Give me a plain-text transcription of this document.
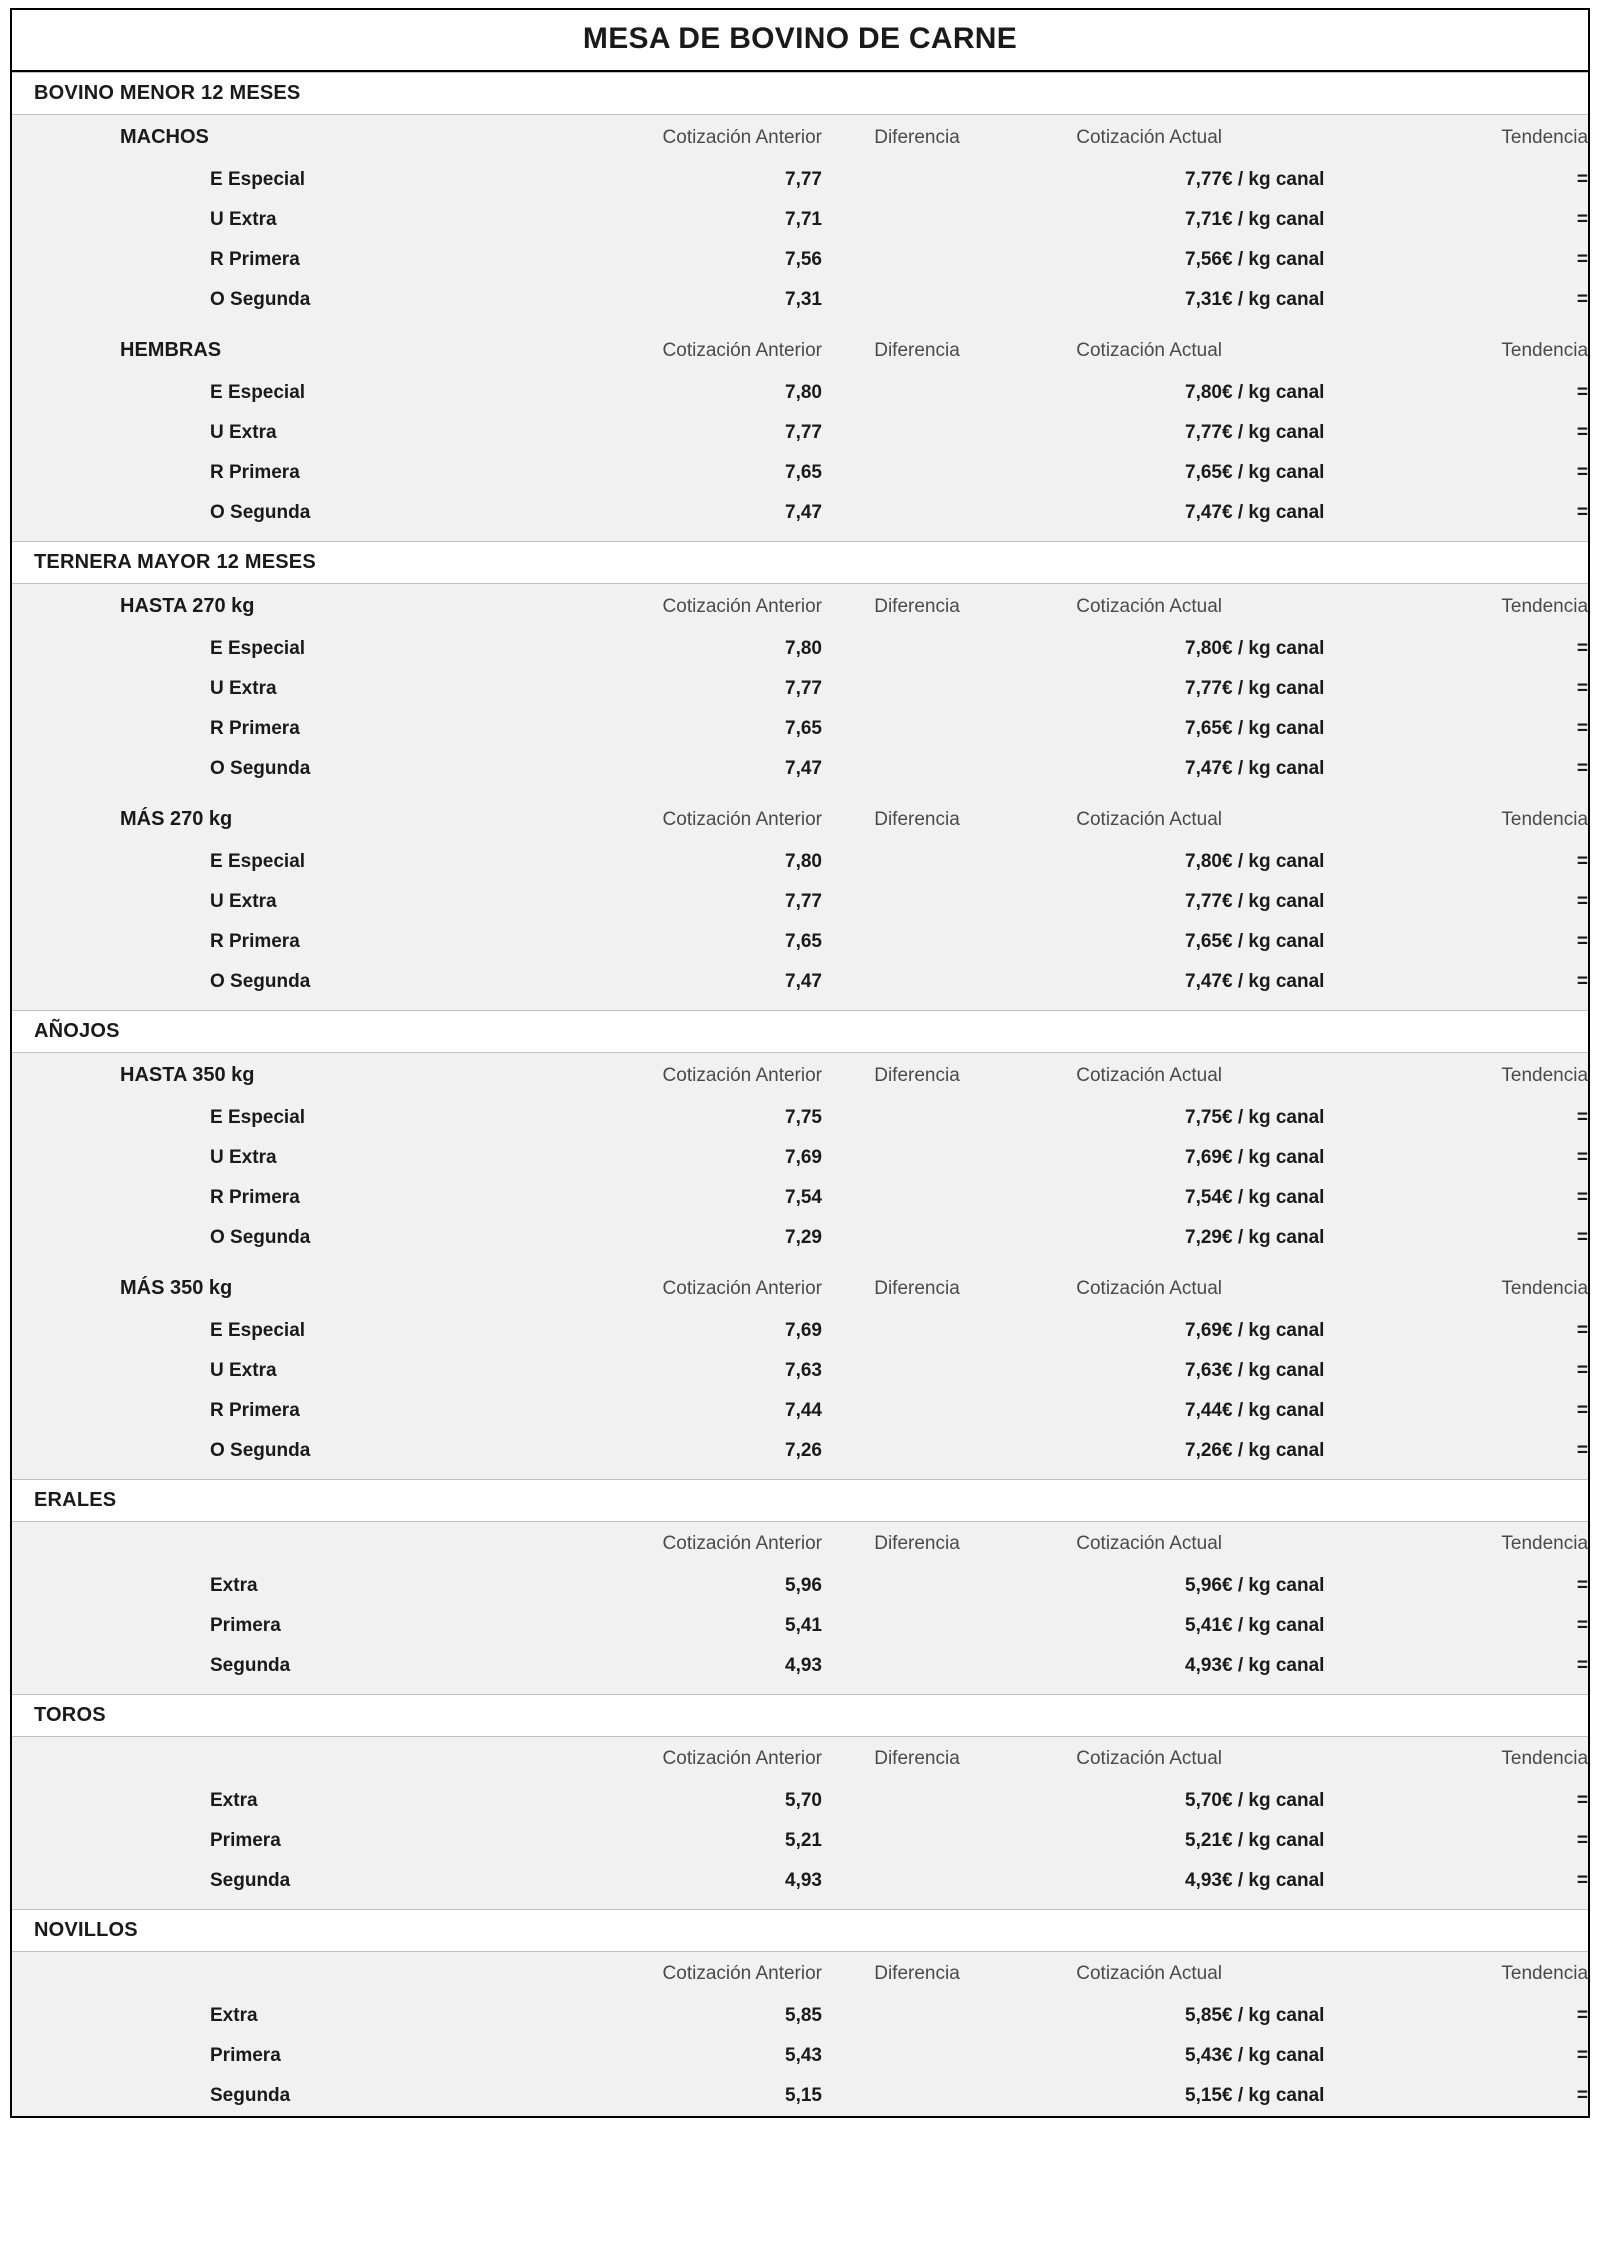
MESA DE BOVINO DE CARNE
BOVINO MENOR 12 MESES					
MACHOS	Cotización Anterior	Diferencia	Cotización Actual		Tendencia
E Especial	7,77		7,77	€ / kg canal	=
U Extra	7,71		7,71	€ / kg canal	=
R Primera	7,56		7,56	€ / kg canal	=
O Segunda	7,31		7,31	€ / kg canal	=

HEMBRAS	Cotización Anterior	Diferencia	Cotización Actual		Tendencia
E Especial	7,80		7,80	€ / kg canal	=
U Extra	7,77		7,77	€ / kg canal	=
R Primera	7,65		7,65	€ / kg canal	=
O Segunda	7,47		7,47	€ / kg canal	=

TERNERA MAYOR 12 MESES					
HASTA 270 kg	Cotización Anterior	Diferencia	Cotización Actual		Tendencia
E Especial	7,80		7,80	€ / kg canal	=
U Extra	7,77		7,77	€ / kg canal	=
R Primera	7,65		7,65	€ / kg canal	=
O Segunda	7,47		7,47	€ / kg canal	=

MÁS 270 kg	Cotización Anterior	Diferencia	Cotización Actual		Tendencia
E Especial	7,80		7,80	€ / kg canal	=
U Extra	7,77		7,77	€ / kg canal	=
R Primera	7,65		7,65	€ / kg canal	=
O Segunda	7,47		7,47	€ / kg canal	=

AÑOJOS					
HASTA 350 kg	Cotización Anterior	Diferencia	Cotización Actual		Tendencia
E Especial	7,75		7,75	€ / kg canal	=
U Extra	7,69		7,69	€ / kg canal	=
R Primera	7,54		7,54	€ / kg canal	=
O Segunda	7,29		7,29	€ / kg canal	=

MÁS 350 kg	Cotización Anterior	Diferencia	Cotización Actual		Tendencia
E Especial	7,69		7,69	€ / kg canal	=
U Extra	7,63		7,63	€ / kg canal	=
R Primera	7,44		7,44	€ / kg canal	=
O Segunda	7,26		7,26	€ / kg canal	=

ERALES					
	Cotización Anterior	Diferencia	Cotización Actual		Tendencia
Extra	5,96		5,96	€ / kg canal	=
Primera	5,41		5,41	€ / kg canal	=
Segunda	4,93		4,93	€ / kg canal	=

TOROS					
	Cotización Anterior	Diferencia	Cotización Actual		Tendencia
Extra	5,70		5,70	€ / kg canal	=
Primera	5,21		5,21	€ / kg canal	=
Segunda	4,93		4,93	€ / kg canal	=

NOVILLOS					
	Cotización Anterior	Diferencia	Cotización Actual		Tendencia
Extra	5,85		5,85	€ / kg canal	=
Primera	5,43		5,43	€ / kg canal	=
Segunda	5,15		5,15	€ / kg canal	=
